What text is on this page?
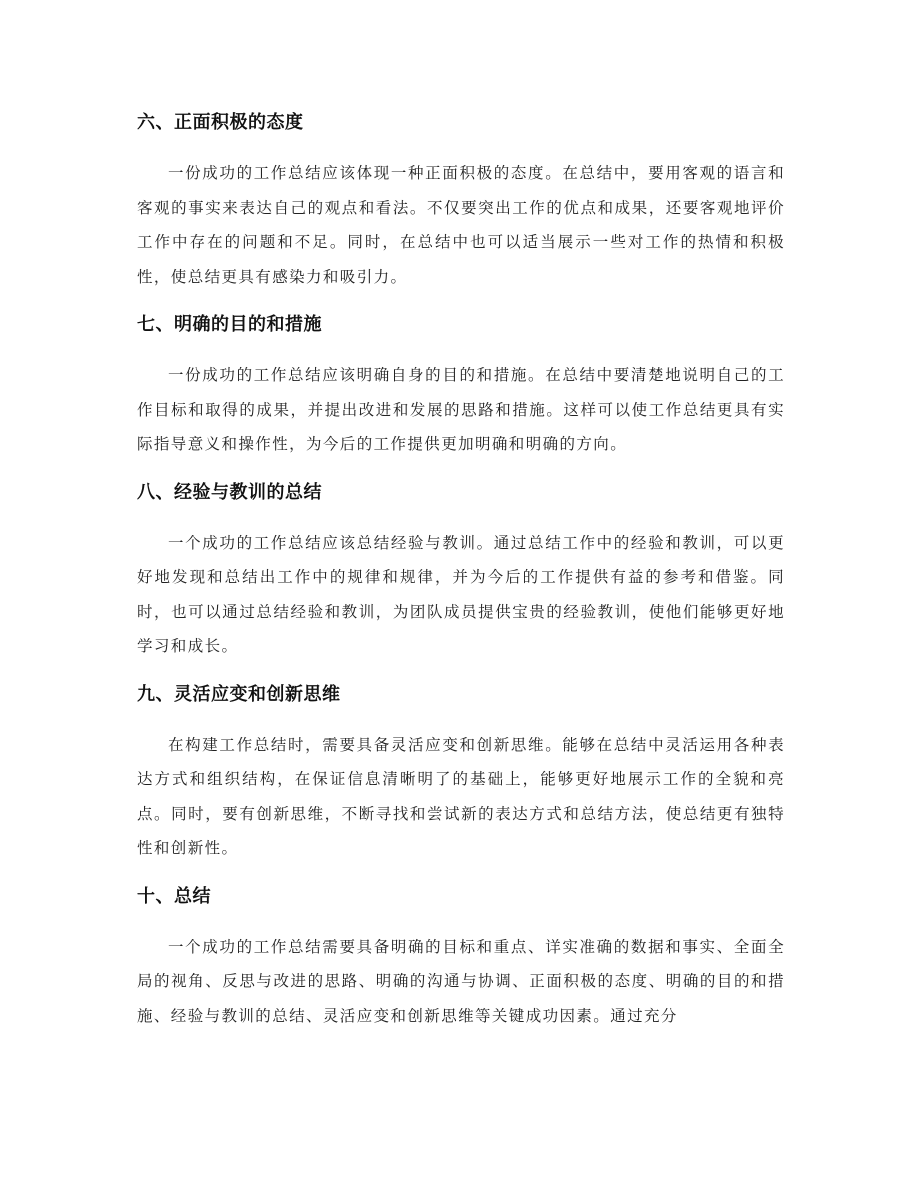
六、正面积极的态度

一份成功的工作总结应该体现一种正面积极的态度。在总结中，要用客观的语言和客观的事实来表达自己的观点和看法。不仅要突出工作的优点和成果，还要客观地评价工作中存在的问题和不足。同时，在总结中也可以适当展示一些对工作的热情和积极性，使总结更具有感染力和吸引力。

七、明确的目的和措施

一份成功的工作总结应该明确自身的目的和措施。在总结中要清楚地说明自己的工作目标和取得的成果，并提出改进和发展的思路和措施。这样可以使工作总结更具有实际指导意义和操作性，为今后的工作提供更加明确和明确的方向。

八、经验与教训的总结

一个成功的工作总结应该总结经验与教训。通过总结工作中的经验和教训，可以更好地发现和总结出工作中的规律和规律，并为今后的工作提供有益的参考和借鉴。同时，也可以通过总结经验和教训，为团队成员提供宝贵的经验教训，使他们能够更好地学习和成长。

九、灵活应变和创新思维

在构建工作总结时，需要具备灵活应变和创新思维。能够在总结中灵活运用各种表达方式和组织结构，在保证信息清晰明了的基础上，能够更好地展示工作的全貌和亮点。同时，要有创新思维，不断寻找和尝试新的表达方式和总结方法，使总结更有独特性和创新性。

十、总结

一个成功的工作总结需要具备明确的目标和重点、详实准确的数据和事实、全面全局的视角、反思与改进的思路、明确的沟通与协调、正面积极的态度、明确的目的和措施、经验与教训的总结、灵活应变和创新思维等关键成功因素。通过充分
